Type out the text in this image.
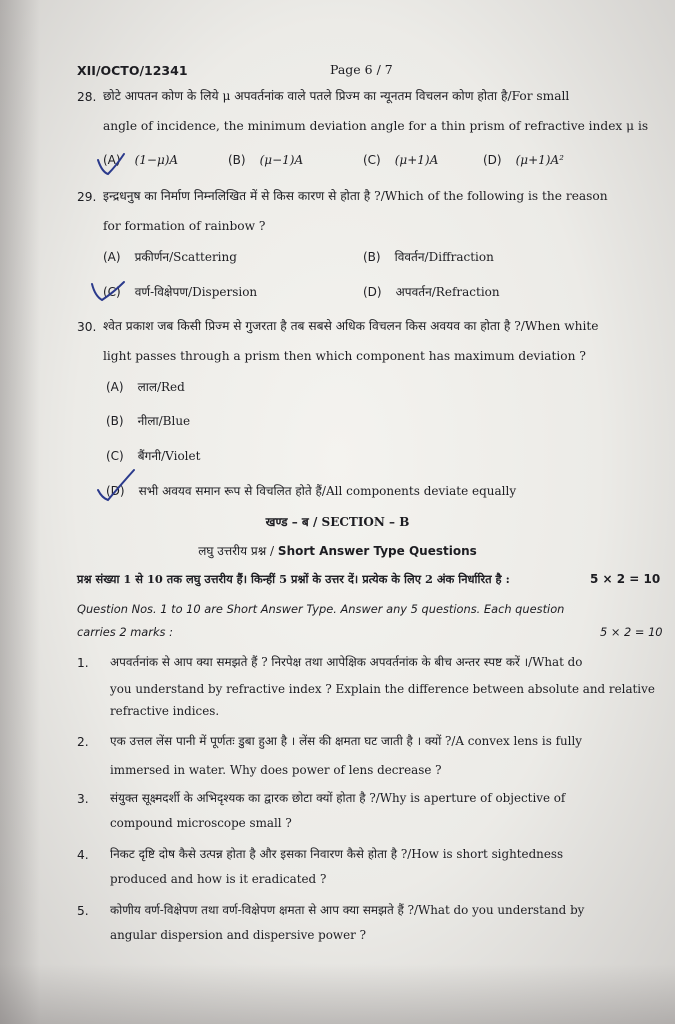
XII/OCTO/12341	Page 6 / 7
28. छोटे आपतन कोण के लिये μ अपवर्तनांक वाले पतले प्रिज्म का न्यूनतम विचलन कोण होता है/For small
angle of incidence, the minimum deviation angle for a thin prism of refractive index μ is
(A) (1−μ)A	(B) (μ−1)A	(C) (μ+1)A	(D) (μ+1)A²
29. इन्द्रधनुष का निर्माण निम्नलिखित में से किस कारण से होता है ?/Which of the following is the reason
for formation of rainbow ?
(A) प्रकीर्णन/Scattering	(B) विवर्तन/Diffraction
(C) वर्ण-विक्षेपण/Dispersion	(D) अपवर्तन/Refraction
30. श्वेत प्रकाश जब किसी प्रिज्म से गुजरता है तब सबसे अधिक विचलन किस अवयव का होता है ?/When white
light passes through a prism then which component has maximum deviation ?
(A) लाल/Red
(B) नीला/Blue
(C) बैंगनी/Violet
(D) सभी अवयव समान रूप से विचलित होते हैं/All components deviate equally
खण्ड – ब / SECTION – B
लघु उत्तरीय प्रश्न / Short Answer Type Questions
प्रश्न संख्या 1 से 10 तक लघु उत्तरीय हैं। किन्हीं 5 प्रश्नों के उत्तर दें। प्रत्येक के लिए 2 अंक निर्धारित है :	5 × 2 = 10
Question Nos. 1 to 10 are Short Answer Type. Answer any 5 questions. Each question
carries 2 marks :	5 × 2 = 10
1. अपवर्तनांक से आप क्या समझते हैं ? निरपेक्ष तथा आपेक्षिक अपवर्तनांक के बीच अन्तर स्पष्ट करें ।/What do
you understand by refractive index ? Explain the difference between absolute and relative
refractive indices.
2. एक उत्तल लेंस पानी में पूर्णतः डुबा हुआ है । लेंस की क्षमता घट जाती है । क्यों ?/A convex lens is fully
immersed in water. Why does power of lens decrease ?
3. संयुक्त सूक्ष्मदर्शी के अभिदृश्यक का द्वारक छोटा क्यों होता है ?/Why is aperture of objective of
compound microscope small ?
4. निकट दृष्टि दोष कैसे उत्पन्न होता है और इसका निवारण कैसे होता है ?/How is short sightedness
produced and how is it eradicated ?
5. कोणीय वर्ण-विक्षेपण तथा वर्ण-विक्षेपण क्षमता से आप क्या समझते हैं ?/What do you understand by
angular dispersion and dispersive power ?
